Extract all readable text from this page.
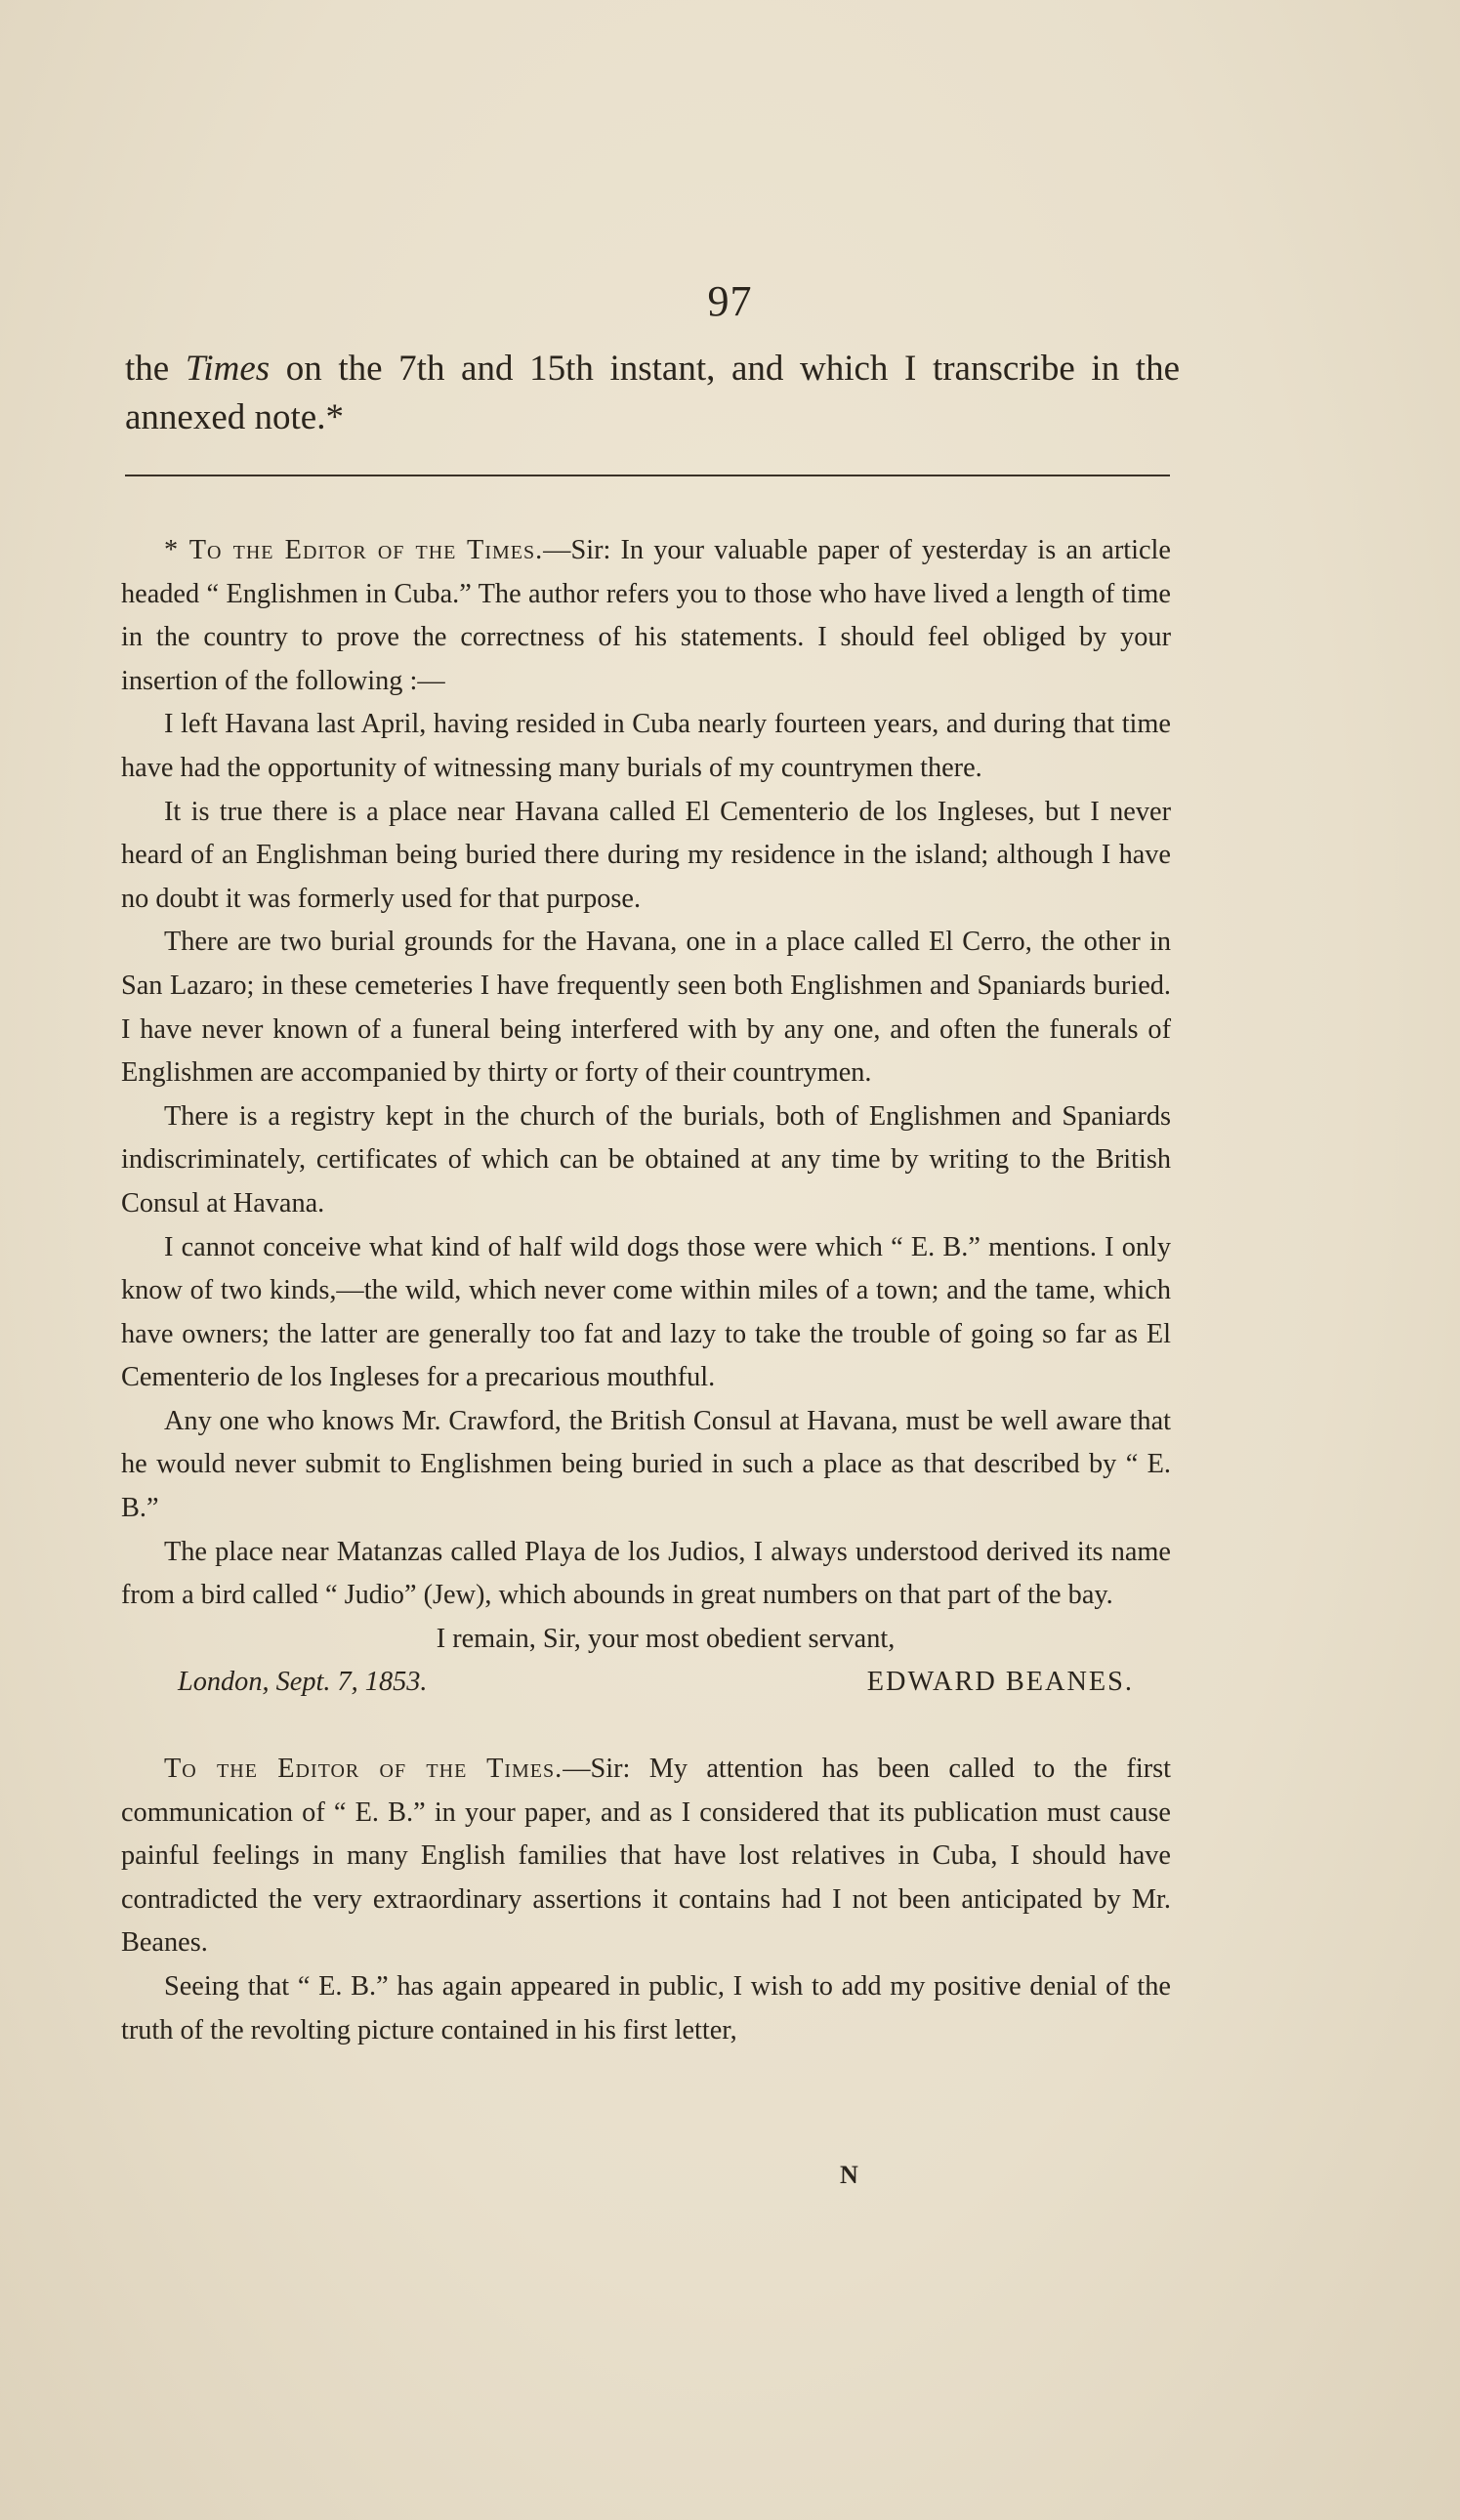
97
the Times on the 7th and 15th instant, and which I transcribe in the annexed note.*

* To the Editor of the Times.—Sir: In your valuable paper of yesterday is an article headed “ Englishmen in Cuba.” The author refers you to those who have lived a length of time in the country to prove the correctness of his statements. I should feel obliged by your insertion of the following :—

I left Havana last April, having resided in Cuba nearly fourteen years, and during that time have had the opportunity of witnessing many burials of my countrymen there.

It is true there is a place near Havana called El Cementerio de los Ingleses, but I never heard of an Englishman being buried there during my residence in the island; although I have no doubt it was formerly used for that purpose.

There are two burial grounds for the Havana, one in a place called El Cerro, the other in San Lazaro; in these cemeteries I have frequently seen both Englishmen and Spaniards buried. I have never known of a funeral being interfered with by any one, and often the funerals of Englishmen are accompanied by thirty or forty of their countrymen.

There is a registry kept in the church of the burials, both of Englishmen and Spaniards indiscriminately, certificates of which can be obtained at any time by writing to the British Consul at Havana.

I cannot conceive what kind of half wild dogs those were which “ E. B.” mentions. I only know of two kinds,—the wild, which never come within miles of a town; and the tame, which have owners; the latter are generally too fat and lazy to take the trouble of going so far as El Cementerio de los Ingleses for a precarious mouthful.

Any one who knows Mr. Crawford, the British Consul at Havana, must be well aware that he would never submit to Englishmen being buried in such a place as that described by “ E. B.”

The place near Matanzas called Playa de los Judios, I always understood derived its name from a bird called “ Judio” (Jew), which abounds in great numbers on that part of the bay.

I remain, Sir, your most obedient servant,

London, Sept. 7, 1853.	EDWARD BEANES.

To the Editor of the Times.—Sir: My attention has been called to the first communication of “ E. B.” in your paper, and as I considered that its publication must cause painful feelings in many English families that have lost relatives in Cuba, I should have contradicted the very extraordinary assertions it contains had I not been anticipated by Mr. Beanes.

Seeing that “ E. B.” has again appeared in public, I wish to add my positive denial of the truth of the revolting picture contained in his first letter,

N
